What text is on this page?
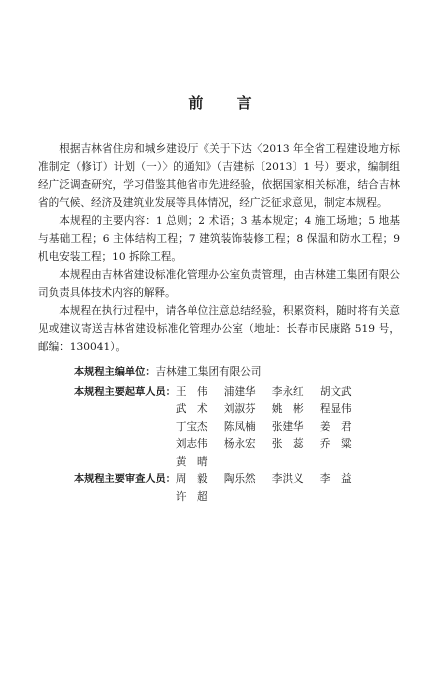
前 言

根据吉林省住房和城乡建设厅《关于下达〈2013 年全省工程建设地方标准制定（修订）计划（一）〉的通知》（吉建标〔2013〕1 号）要求，编制组经广泛调查研究，学习借鉴其他省市先进经验，依据国家相关标准，结合吉林省的气候、经济及建筑业发展等具体情况，经广泛征求意见，制定本规程。

本规程的主要内容：1 总则；2 术语；3 基本规定；4 施工场地；5 地基与基础工程；6 主体结构工程；7 建筑装饰装修工程；8 保温和防水工程；9 机电安装工程；10 拆除工程。

本规程由吉林省建设标准化管理办公室负责管理，由吉林建工集团有限公司负责具体技术内容的解释。

本规程在执行过程中，请各单位注意总结经验，积累资料，随时将有关意见或建议寄送吉林省建设标准化管理办公室（地址：长春市民康路 519 号，邮编：130041）。

本规程主编单位： 吉林建工集团有限公司
本规程主要起草人员： 王　伟	浦建华	李永红	胡文武
武　术	刘淑芬	姚　彬	程显伟
丁宝杰	陈凤楠	张建华	姜　君
刘志伟	杨永宏	张　蕊	乔　粱
黄　晴
本规程主要审查人员： 周　毅	陶乐然	李洪义	李　益
许　超
